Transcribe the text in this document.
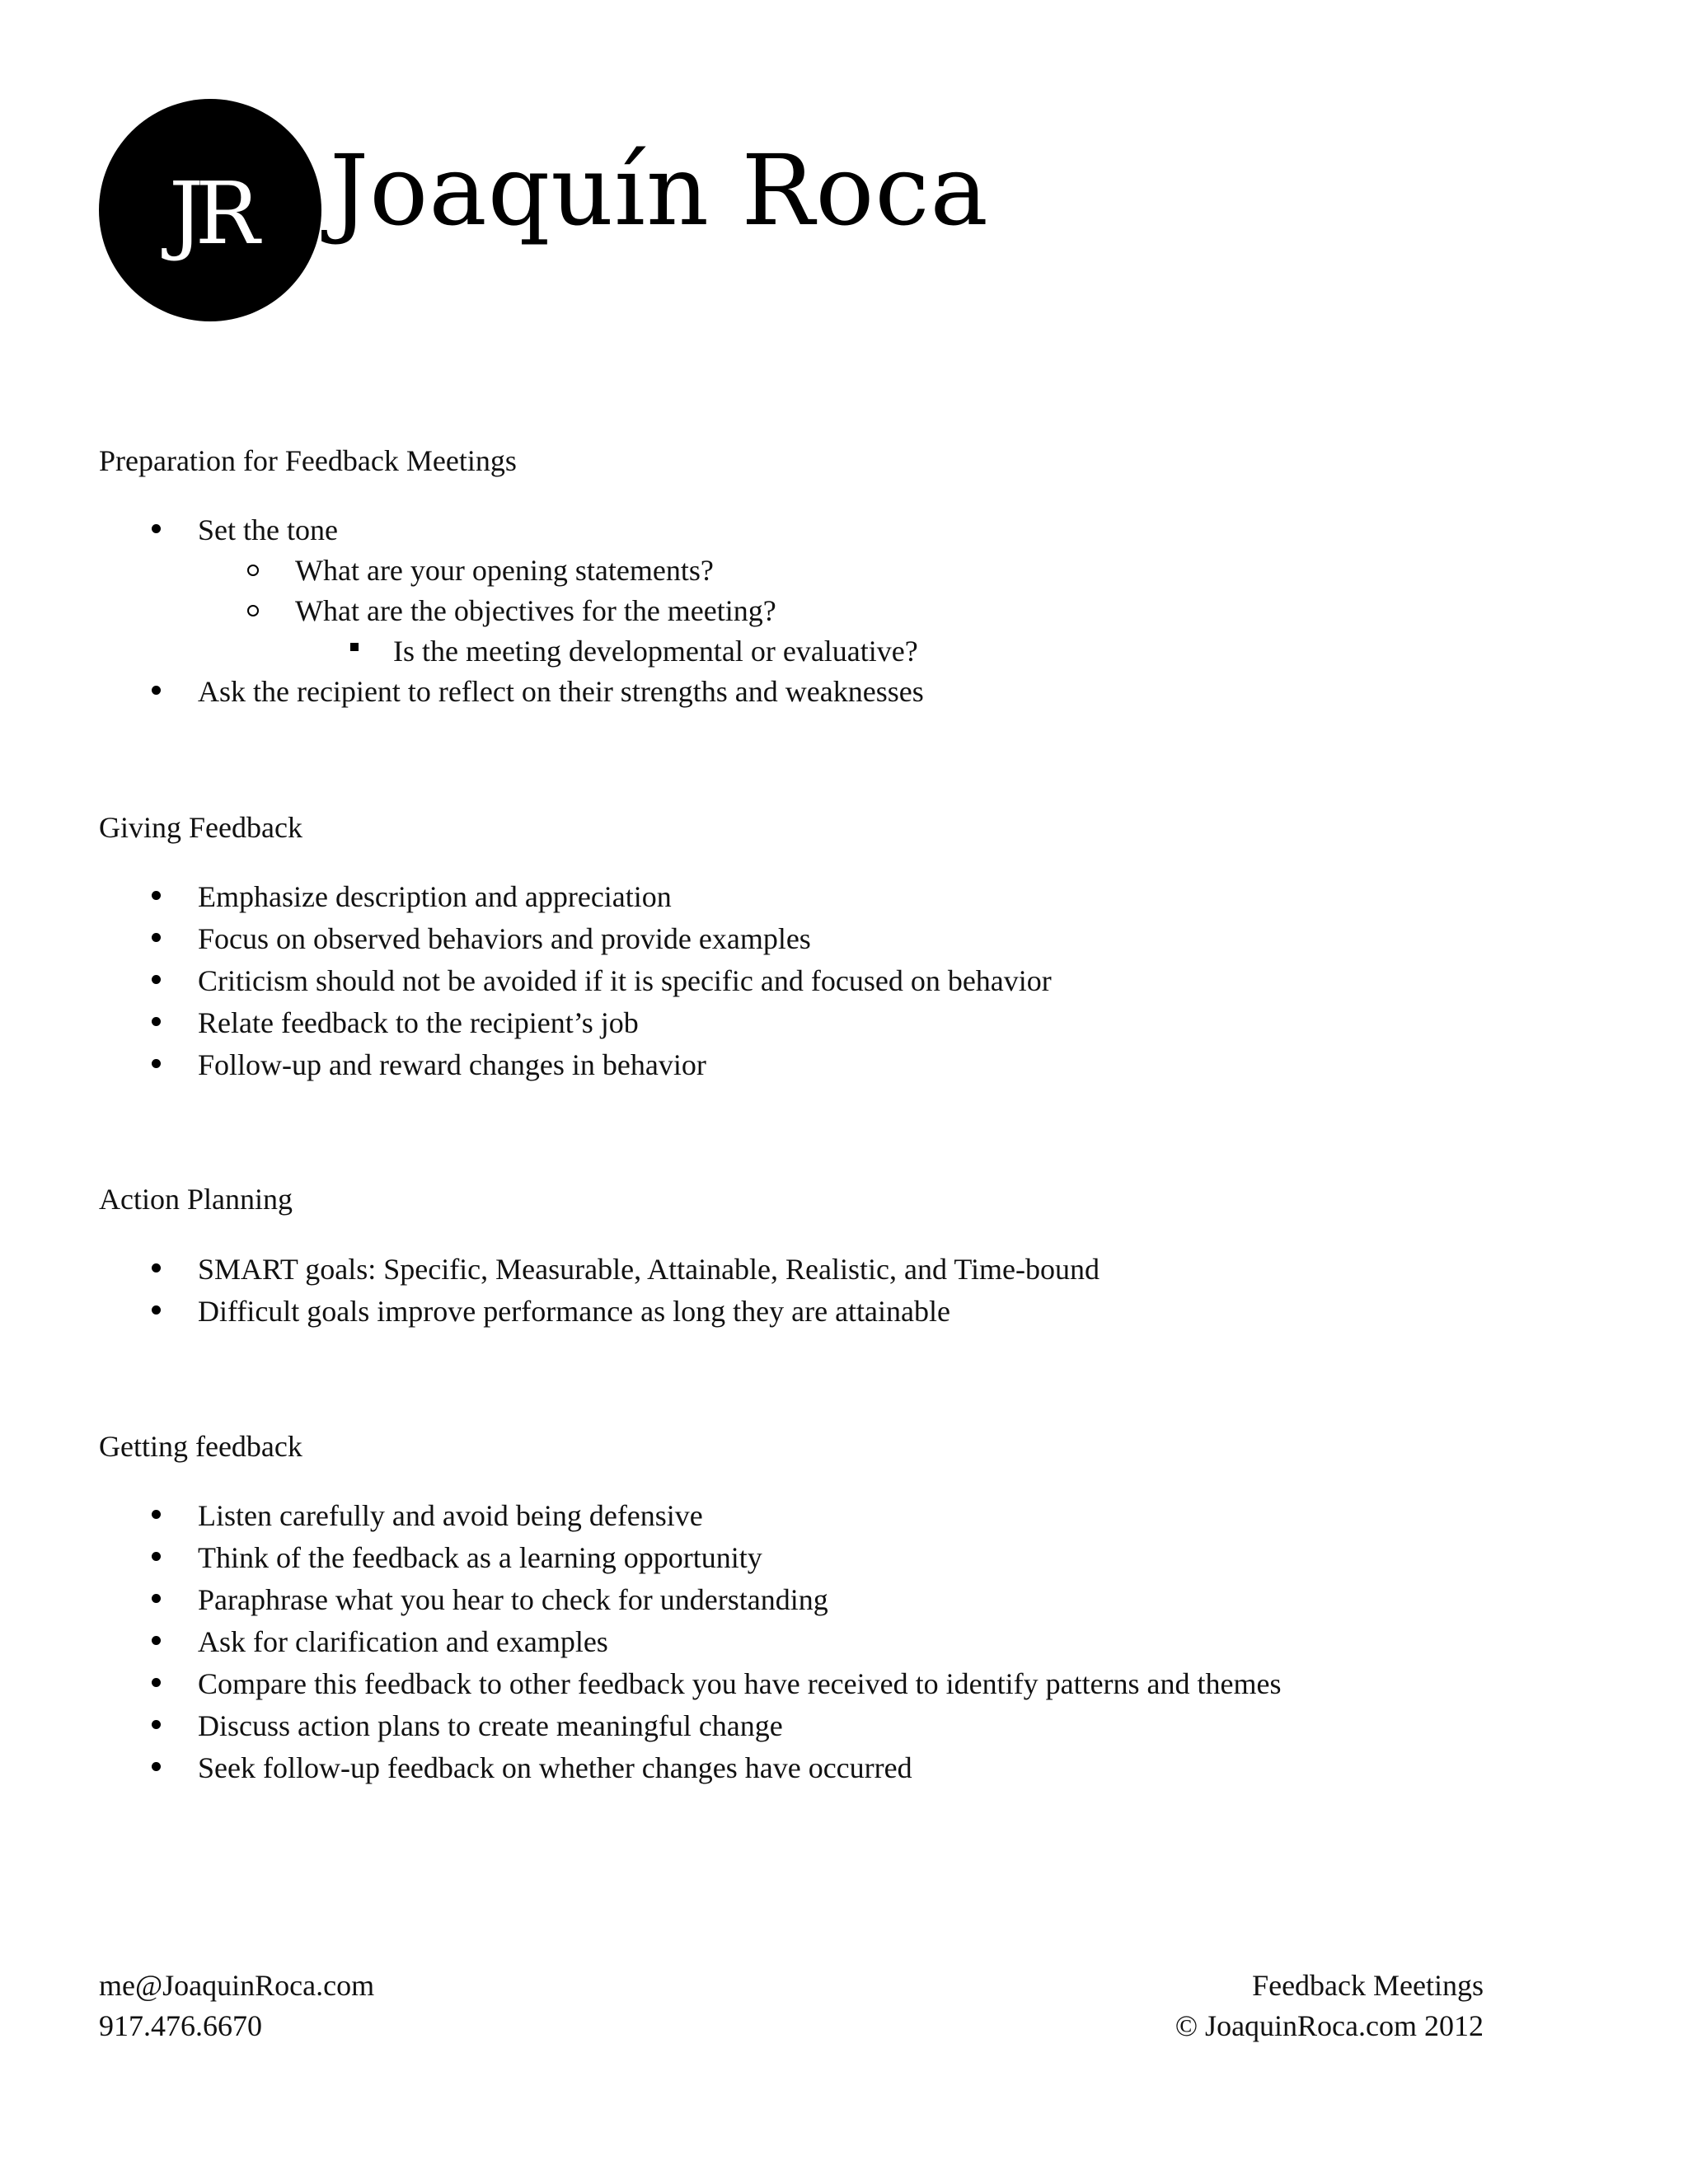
JR Joaquín Roca
Preparation for Feedback Meetings
Set the tone
What are your opening statements?
What are the objectives for the meeting?
Is the meeting developmental or evaluative?
Ask the recipient to reflect on their strengths and weaknesses
Giving Feedback
Emphasize description and appreciation
Focus on observed behaviors and provide examples
Criticism should not be avoided if it is specific and focused on behavior
Relate feedback to the recipient’s job
Follow-up and reward changes in behavior
Action Planning
SMART goals: Specific, Measurable, Attainable, Realistic, and Time-bound
Difficult goals improve performance as long they are attainable
Getting feedback
Listen carefully and avoid being defensive
Think of the feedback as a learning opportunity
Paraphrase what you hear to check for understanding
Ask for clarification and examples
Compare this feedback to other feedback you have received to identify patterns and themes
Discuss action plans to create meaningful change
Seek follow-up feedback on whether changes have occurred
me@JoaquinRoca.com
917.476.6670
Feedback Meetings
© JoaquinRoca.com 2012
